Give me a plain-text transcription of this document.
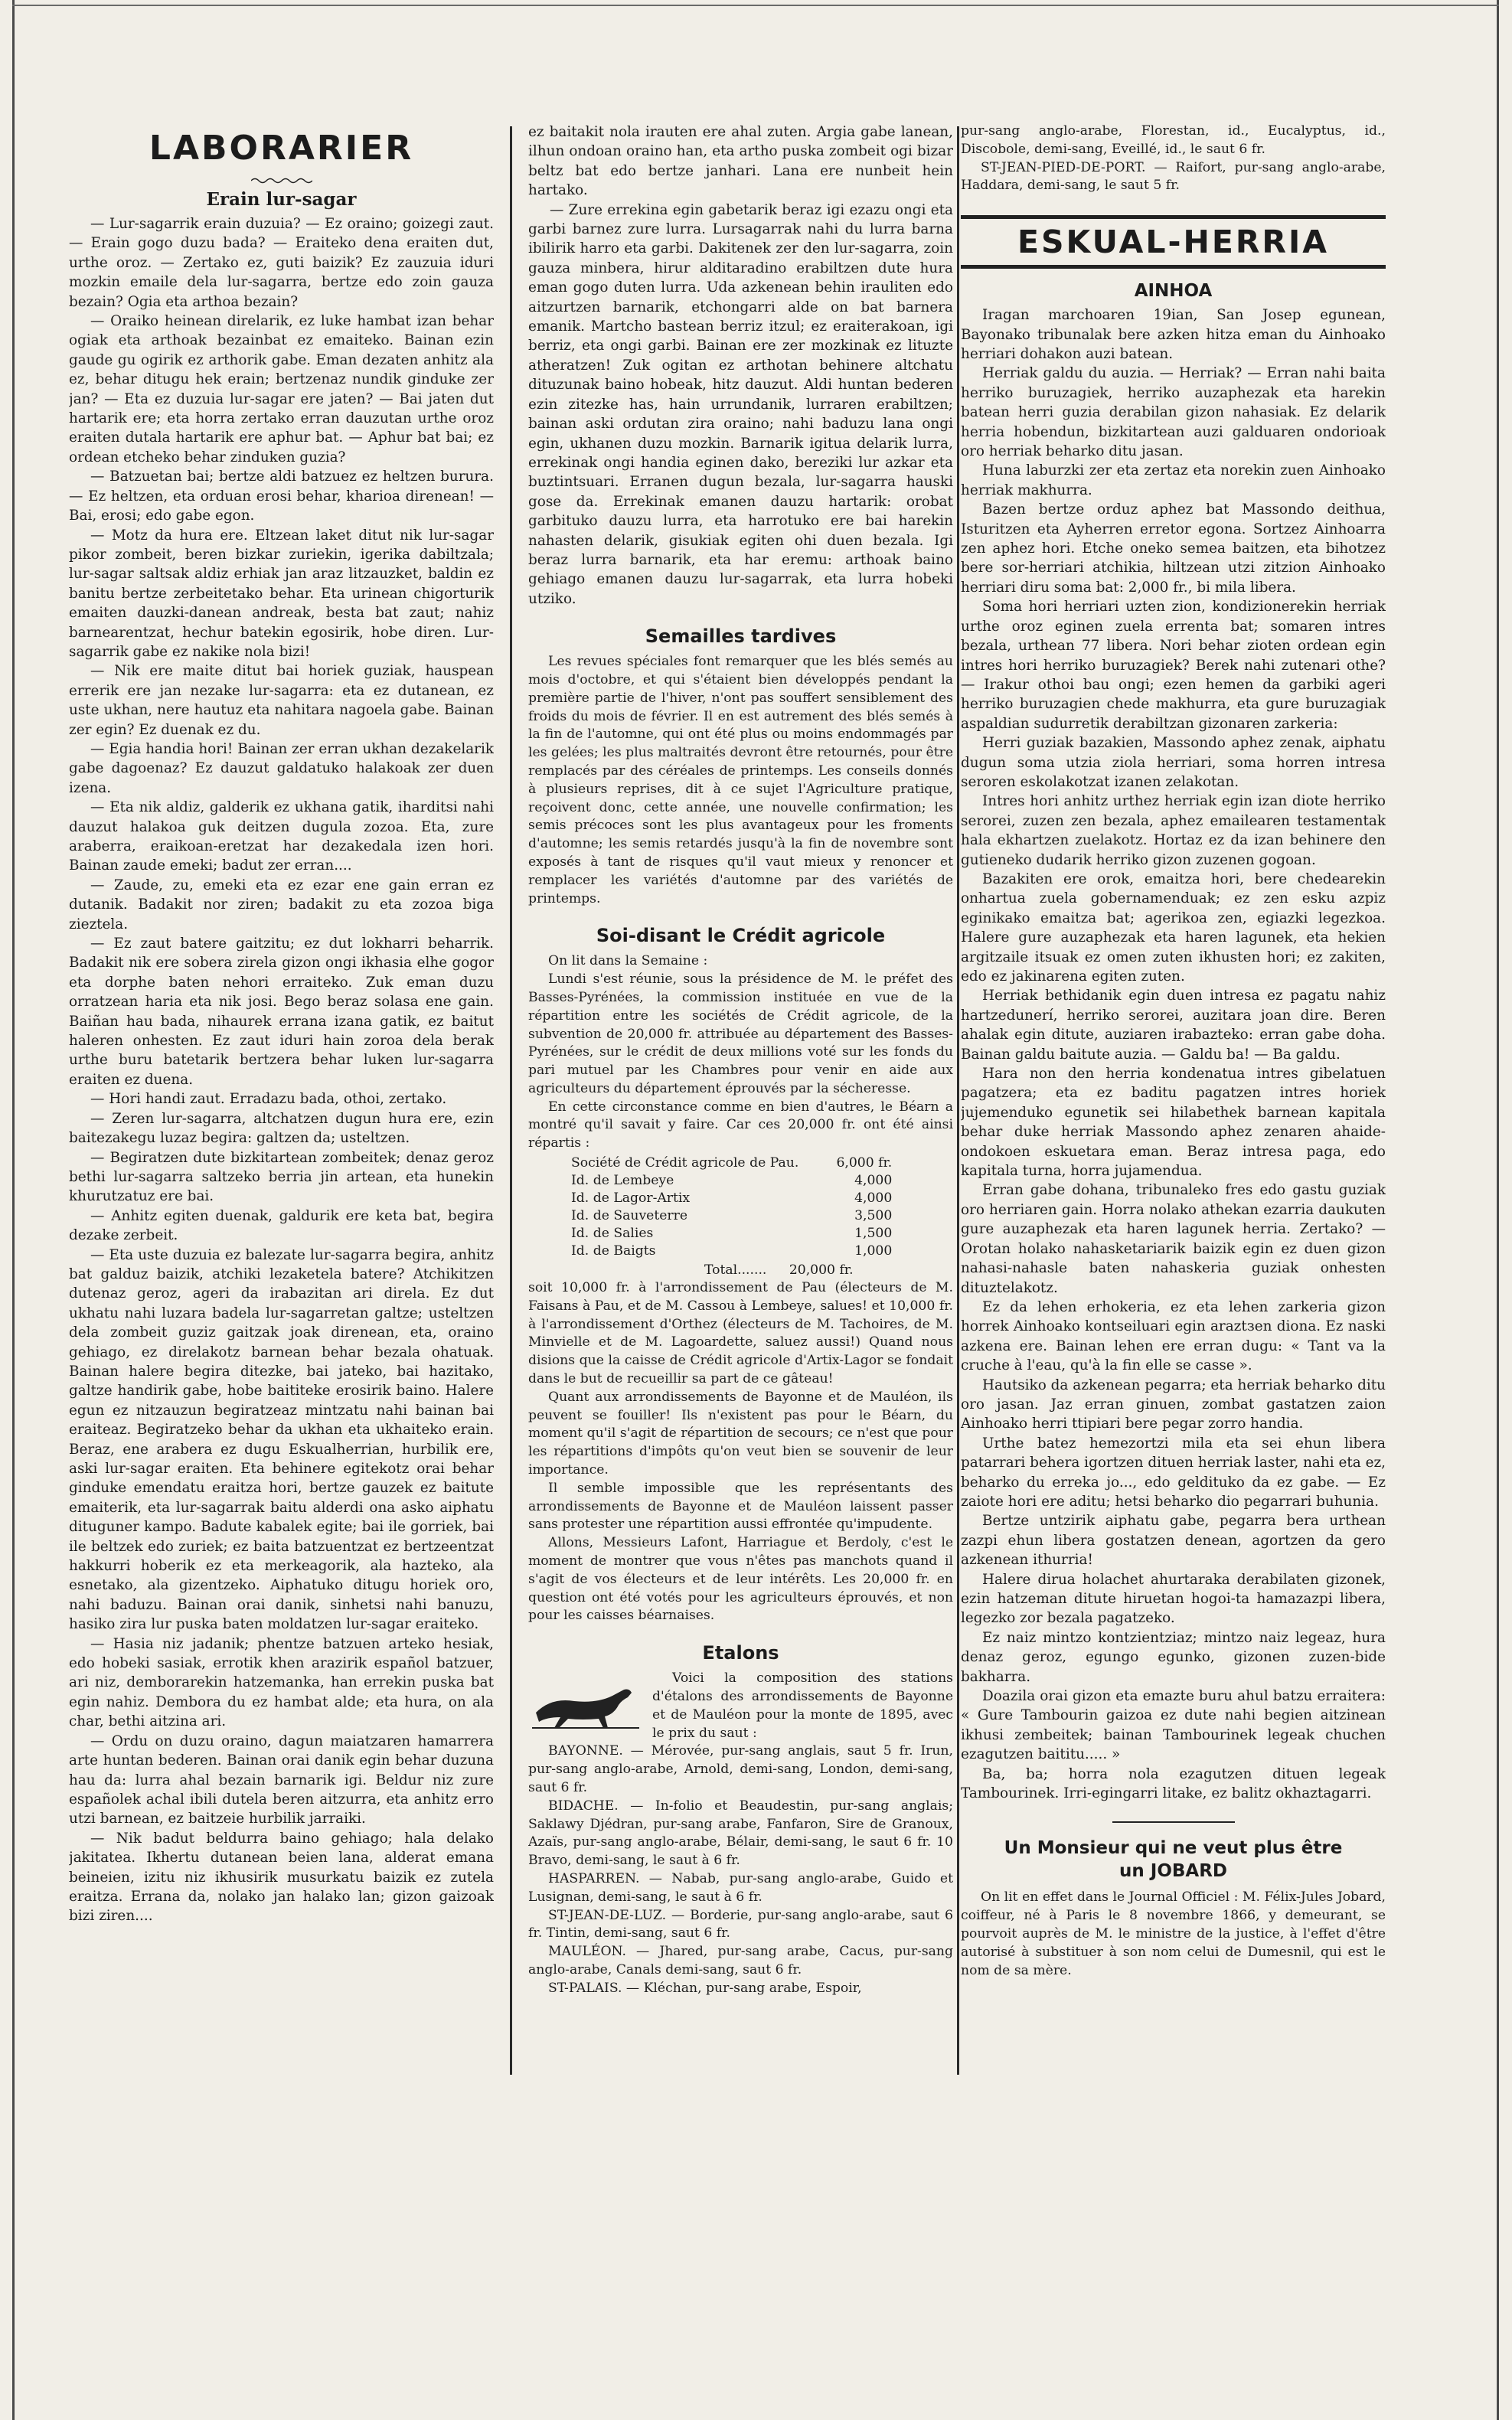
LABORARIER
Erain lur-sagar

— Lur-sagarrik erain duzuia? — Ez oraino; goizegi zaut. — Erain gogo duzu bada? — Eraiteko dena eraiten dut, urthe oroz. — Zertako ez, guti baizik? Ez zauzuia iduri mozkin emaile dela lur-sagarra, bertze edo zoin gauza bezain? Ogia eta arthoa bezain?

— Oraiko heinean direlarik, ez luke hambat izan behar ogiak eta arthoak bezainbat ez emaiteko. Bainan ezin gaude gu ogirik ez arthorik gabe. Eman dezaten anhitz ala ez, behar ditugu hek erain; bertzenaz nundik ginduke zer jan? — Eta ez duzuia lur-sagar ere jaten? — Bai jaten dut hartarik ere; eta horra zertako erran dauzutan urthe oroz eraiten dutala hartarik ere aphur bat. — Aphur bat bai; ez ordean etcheko behar zinduken guzia?

— Batzuetan bai; bertze aldi batzuez ez heltzen burura. — Ez heltzen, eta orduan erosi behar, kharioa direnean! — Bai, erosi; edo gabe egon.

— Motz da hura ere. Eltzean laket ditut nik lur-sagar pikor zombeit, beren bizkar zuriekin, igerika dabiltzala; lur-sagar saltsak aldiz erhiak jan araz litzauzket, baldin ez banitu bertze zerbeitetako behar. Eta urinean chigorturik emaiten dauzki-danean andreak, besta bat zaut; nahiz barnearentzat, hechur batekin egosirik, hobe diren. Lur-sagarrik gabe ez nakike nola bizi!

— Nik ere maite ditut bai horiek guziak, hauspean errerik ere jan nezake lur-sagarra: eta ez dutanean, ez uste ukhan, nere hautuz eta nahitara nagoela gabe. Bainan zer egin? Ez duenak ez du.

— Egia handia hori! Bainan zer erran ukhan dezakelarik gabe dagoenaz? Ez dauzut galdatuko halakoak zer duen izena.

— Eta nik aldiz, galderik ez ukhana gatik, iharditsi nahi dauzut halakoa guk deitzen dugula zozoa. Eta, zure araberra, eraikoan-eretzat har dezakedala izen hori. Bainan zaude emeki; badut zer erran....

— Zaude, zu, emeki eta ez ezar ene gain erran ez dutanik. Badakit nor ziren; badakit zu eta zozoa biga zieztela.

— Ez zaut batere gaitzitu; ez dut lokharri beharrik. Badakit nik ere sobera zirela gizon ongi ikhasia elhe gogor eta dorphe baten nehori erraiteko. Zuk eman duzu orratzean haria eta nik josi. Bego beraz solasa ene gain. Baiñan hau bada, nihaurek erranа izana gatik, ez baitut haleren onhesten. Ez zaut iduri hain zoroa dela berak urthe buru batetarik bertzera behar luken lur-sagarra eraiten ez duena.

— Hori handi zaut. Erradazu bada, othoi, zertako.

— Zeren lur-sagarra, altchatzen dugun hura ere, ezin baitezakegu luzaz begira: galtzen da; usteltzen.

— Begiratzen dute bizkitartean zombeitek; denaz geroz bethi lur-sagarra saltzeko berria jin artean, eta hunekin khurutzatuz ere bai.

— Anhitz egiten duenak, galdurik ere keta bat, begira dezake zerbeit.

— Eta uste duzuia ez balezate lur-sagarra begira, anhitz bat galduz baizik, atchiki lezaketela batere? Atchikitzen dutenaz geroz, ageri da irabazitan ari direla. Ez dut ukhatu nahi luzara badela lur-sagarretan galtze; usteltzen dela zombeit guziz gaitzak joak direnean, eta, oraino gehiago, ez direlakotz barnean behar bezala ohatuak. Bainan halere begira ditezke, bai jateko, bai hazitako, galtze handirik gabe, hobe baititeke erosirik baino. Halere egun ez nitzauzun begiratzeaz mintzatu nahi bainan bai eraiteaz. Begiratzeko behar da ukhan eta ukhaiteko erain. Beraz, ene arabera ez dugu Eskualherrian, hurbilik ere, aski lur-sagar eraiten. Eta behinere egitekotz orai behar ginduke emendatu eraitza hori, bertze gauzek ez baitute emaiterik, eta lur-sagarrak baitu alderdi ona asko aiphatu dituguner kampo. Badute kabalek egite; bai ile gorriek, bai ile beltzek edo zuriek; ez baita batzuentzat ez bertzeentzat hakkurri hoberik ez eta merkeagorik, ala hazteko, ala esnetako, ala gizentzeko. Aiphatuko ditugu horiek oro, nahi baduzu. Bainan orai danik, sinhetsi nahi banuzu, hasiko zira lur puska baten moldatzen lur-sagar eraiteko.

— Hasia niz jadanik; phentze batzuen arteko hesiak, edo hobeki sasiak, errotik khen arazirik español batzuer, ari niz, demborarekin hatzemanka, han errekin puska bat egin nahiz. Dembora du ez hambat alde; eta hura, on ala char, bethi aitzina ari.

— Ordu on duzu oraino, dagun maiatzaren hamarrera arte huntan bederen. Bainan orai danik egin behar duzuna hau da: lurra ahal bezain barnarik igi. Beldur niz zure españolek achal ibili dutela beren aitzurra, eta anhitz erro utzi barnean, ez baitzeie hurbilik jarraiki.

— Nik badut beldurra baino gehiago; hala delako jakitatea. Ikhertu dutanean beien lana, alderat emana beineien, izitu niz ikhusirik musurkatu baizik ez zutela eraitza. Errana da, nolako jan halako lan; gizon gaizoak bizi ziren....

ez baitakit nola irauten ere ahal zuten. Argia gabe lanean, ilhun ondoan oraino han, eta artho puska zombeit ogi bizar beltz bat edo bertze janhari. Lana ere nunbeit hein hartako.

— Zure errekina egin gabetarik beraz igi ezazu ongi eta garbi barnez zure lurra. Lursagarrak nahi du lurra barna ibilirik harro eta garbi. Dakitenek zer den lur-sagarra, zoin gauza minbera, hirur alditaradino erabiltzen dute hura eman gogo duten lurra. Uda azkenean behin irauliten edo aitzurtzen barnarik, etchongarri alde on bat barnera emanik. Martcho bastean berriz itzul; ez eraiterakoan, igi berriz, eta ongi garbi. Bainan ere zer mozkinak ez lituzte atheratzen! Zuk ogitan ez arthotan behinere altchatu dituzunak baino hobeak, hitz dauzut. Aldi huntan bederen ezin zitezke has, hain urrundanik, lurraren erabiltzen; bainan aski ordutan zira oraino; nahi baduzu lana ongi egin, ukhanen duzu mozkin. Barnarik igituа delarik lurra, errekinak ongi handia eginen dako, bereziki lur azkar eta buztintsuari. Erranen dugun bezala, lur-sagarra hauski gose da. Errekinak emanen dauzu hartarik: orobat garbituko dauzu lurra, eta harrotuko ere bai harekin nahasten delarik, gisukiak egiten ohi duen bezala. Igi beraz lurra barnarik, eta har eremu: arthoak baino gehiago emanen dauzu lur-sagarrak, eta lurra hobeki utziko.

Semailles tardives

Les revues spéciales font remarquer que les blés semés au mois d'octobre, et qui s'étaient bien développés pendant la première partie de l'hiver, n'ont pas souffert sensiblement des froids du mois de février. Il en est autrement des blés semés à la fin de l'automne, qui ont été plus ou moins endommagés par les gelées; les plus maltraités devront être retournés, pour être remplacés par des céréales de printemps. Les conseils donnés à plusieurs reprises, dit à ce sujet l'Agriculture pratique, reçoivent donc, cette année, une nouvelle confirmation; les semis précoces sont les plus avantageux pour les froments d'automne; les semis retardés jusqu'à la fin de novembre sont exposés à tant de risques qu'il vaut mieux y renoncer et remplacer les variétés d'automne par des variétés de printemps.

Soi-disant le Crédit agricole

On lit dans la Semaine :

Lundi s'est réunie, sous la présidence de M. le préfet des Basses-Pyrénées, la commission instituée en vue de la répartition entre les sociétés de Crédit agricole, de la subvention de 20,000 fr. attribuée au département des Basses-Pyrénées, sur le crédit de deux millions voté sur les fonds du pari mutuel par les Chambres pour venir en aide aux agriculteurs du département éprouvés par la sécheresse.

En cette circonstance comme en bien d'autres, le Béarn a montré qu'il savait y faire. Car ces 20,000 fr. ont été ainsi répartis :

Société de Crédit agricole de Pau.	6,000 fr.
Id. de Lembeye	4,000
Id. de Lagor-Artix	4,000
Id. de Sauveterre	3,500
Id. de Salies	1,500
Id. de Baigts	1,000
Total....... 20,000 fr.

soit 10,000 fr. à l'arrondissement de Pau (électeurs de M. Faisans à Pau, et de M. Cassou à Lembeye, salues! et 10,000 fr. à l'arrondissement d'Orthez (électeurs de M. Tachoires, de M. Minvielle et de M. Lagoardette, saluez aussi!) Quand nous disions que la caisse de Crédit agricole d'Artix-Lagor se fondait dans le but de recueillir sa part de ce gâteau!

Quant aux arrondissements de Bayonne et de Mauléon, ils peuvent se fouiller! Ils n'existent pas pour le Béarn, du moment qu'il s'agit de répartition de secours; ce n'est que pour les répartitions d'impôts qu'on veut bien se souvenir de leur importance.

Il semble impossible que les représentants des arrondissements de Bayonne et de Mauléon laissent passer sans protester une répartition aussi effrontée qu'impudente.

Allons, Messieurs Lafont, Harriague et Berdoly, c'est le moment de montrer que vous n'êtes pas manchots quand il s'agit de vos électeurs et de leur intérêts. Les 20,000 fr. en question ont été votés pour les agriculteurs éprouvés, et non pour les caisses béarnaises.

Etalons

Voici la composition des stations d'étalons des arrondissements de Bayonne et de Mauléon pour la monte de 1895, avec le prix du saut :

BAYONNE. — Mérovée, pur-sang anglais, saut 5 fr. Irun, pur-sang anglo-arabe, Arnold, demi-sang, London, demi-sang, saut 6 fr.

BIDACHE. — In-folio et Beaudestin, pur-sang anglais; Saklawy Djédran, pur-sang arabe, Fanfaron, Sire de Granoux, Azaïs, pur-sang anglo-arabe, Bélair, demi-sang, le saut 6 fr. 10 Bravo, demi-sang, le saut à 6 fr.

HASPARREN. — Nabab, pur-sang anglo-arabe, Guido et Lusignan, demi-sang, le saut à 6 fr.

ST-JEAN-DE-LUZ. — Borderie, pur-sang anglo-arabe, saut 6 fr. Tintin, demi-sang, saut 6 fr.

MAULÉON. — Jhared, pur-sang arabe, Cacus, pur-sang anglo-arabe, Canals demi-sang, saut 6 fr.

ST-PALAIS. — Kléchan, pur-sang arabe, Espoir,

pur-sang anglo-arabe, Florestan, id., Eucalyptus, id., Discobole, demi-sang, Eveillé, id., le saut 6 fr.

ST-JEAN-PIED-DE-PORT. — Raifort, pur-sang anglo-arabe, Haddara, demi-sang, le saut 5 fr.

ESKUAL-HERRIA
AINHOA

Iragan marchoaren 19ian, San Josep egunean, Bayonako tribunalak bere azken hitza eman du Ainhoako herriari dohakon auzi batean.

Herriak galdu du auzia. — Herriak? — Erran nahi baita herriko buruzagiek, herriko auzaphezak eta harekin batean herri guzia derabilan gizon nahasiak. Ez delarik herria hobendun, bizkitartean auzi galduaren ondorioak oro herriak beharko ditu jasan.

Huna laburzki zer eta zertaz eta norekin zuen Ainhoako herriak makhurra.

Bazen bertze orduz aphez bat Massondo deithua, Isturitzen eta Ayherren erretor egona. Sortzez Ainhoarra zen aphez hori. Etche oneko semea baitzen, eta bihotzez bere sor-herriari atchikia, hiltzean utzi zitzion Ainhoako herriari diru soma bat: 2,000 fr., bi mila libera.

Soma hori herriari uzten zion, kondizionerekin herriak urthe oroz eginen zuela errenta bat; somaren intres bezala, urthean 77 libera. Nori behar zioten ordean egin intres hori herriko buruzagiek? Berek nahi zutenari othe? — Irakur othoi bau ongi; ezen hemen da garbiki ageri herriko buruzagien chede makhurra, eta gure buruzagiak aspaldian sudurretik derabiltzan gizonaren zarkeria:

Herri guziak bazakien, Massondo aphez zenak, aiphatu dugun soma utzia ziola herriari, soma horren intresa seroren eskolakotzat izanen zelakotan.

Intres hori anhitz urthez herriak egin izan diote herriko serorei, zuzen zen bezala, aphez emailearen testamentak hala ekhartzen zuelakotz. Hortaz ez da izan behinere den gutieneko dudarik herriko gizon zuzenen gogoan.

Bazakiten ere orok, emaitza hori, bere chedearekin onhartua zuela gobernamenduak; ez zen esku azpiz eginikako emaitza bat; agerikoa zen, egiazki legezkoa. Halere gure auzaphezak eta haren lagunek, eta hekien argitzaile itsuak ez omen zuten ikhusten hori; ez zakiten, edo ez jakinarena egiten zuten.

Herriak bethidanik egin duen intresa ez pagatu nahiz hartzedunerí, herriko serorei, auzitara joan dire. Beren ahalak egin ditute, auziaren irabazteko: erran gabe doha. Bainan galdu baitute auzia. — Galdu ba! — Ba galdu.

Hara non den herria kondenatua intres gibelatuen pagatzera; eta ez baditu pagatzen intres horiek jujemenduko egunetik sei hilabethek barnean kapitala behar duke herriak Massondo aphez zenaren ahaide-ondokoen eskuetara eman. Beraz intresa paga, edo kapitala turna, horra jujamendua.

Erran gabe dohana, tribunaleko fres edo gastu guziak oro herriaren gain. Horra nolako athekan ezarria daukuten gure auzaphezak eta haren lagunek herria. Zertako? — Orotan holako nahasketariarik baizik egin ez duen gizon nahasi-nahasle baten nahaskeria guziak onhesten dituztelakotz.

Ez da lehen erhokeria, ez eta lehen zarkeria gizon horrek Ainhoako kontseiluari egin araztзen diona. Ez naski azkena ere. Bainan lehen ere erran dugu: « Tant va la cruche à l'eau, qu'à la fin elle se casse ».

Hautsiko da azkenean pegarra; eta herriak beharko ditu oro jasan. Jaz erran ginuen, zombat gastatzen zaion Ainhoako herri ttipiari bere pegar zorro handia.

Urthe batez hemezortzi mila eta sei ehun libera patarrari behera igortzen dituen herriak laster, nahi eta ez, beharko du erreka jo..., edo geldituko da ez gabe. — Ez zaiote hori ere aditu; hetsi beharko dio pegarrari buhunia.

Bertze untzirik aiphatu gabe, pegarra bera urthean zazpi ehun libera gostatzen denean, agortzen da gero azkenean ithurria!

Halere dirua holachet ahurtaraka derabilaten gizonek, ezin hatzeman ditute hiruetan hogoi-ta hamazazpi libera, legezko zor bezala pagatzeko.

Ez naiz mintzo kontzientziaz; mintzo naiz legeaz, hura denaz geroz, egungo egunko, gizonen zuzen-bide bakharra.

Doazila orai gizon eta emazte buru ahul batzu erraitera: « Gure Tambourin gaizoa ez dute nahi begien aitzinean ikhusi zembeitek; bainan Tambourinek legeak chuchen ezagutzen baititu..... »

Ba, ba; horra nola ezagutzen dituen legeak Tambourinek. Irri-egingarri litake, ez balitz okhaztagarri.

Un Monsieur qui ne veut plus être
un JOBARD

On lit en effet dans le Journal Officiel : M. Félix-Jules Jobard, coiffeur, né à Paris le 8 novembre 1866, y demeurant, se pourvoit auprès de M. le ministre de la justice, à l'effet d'être autorisé à substituer à son nom celui de Dumesnil, qui est le nom de sa mère.
